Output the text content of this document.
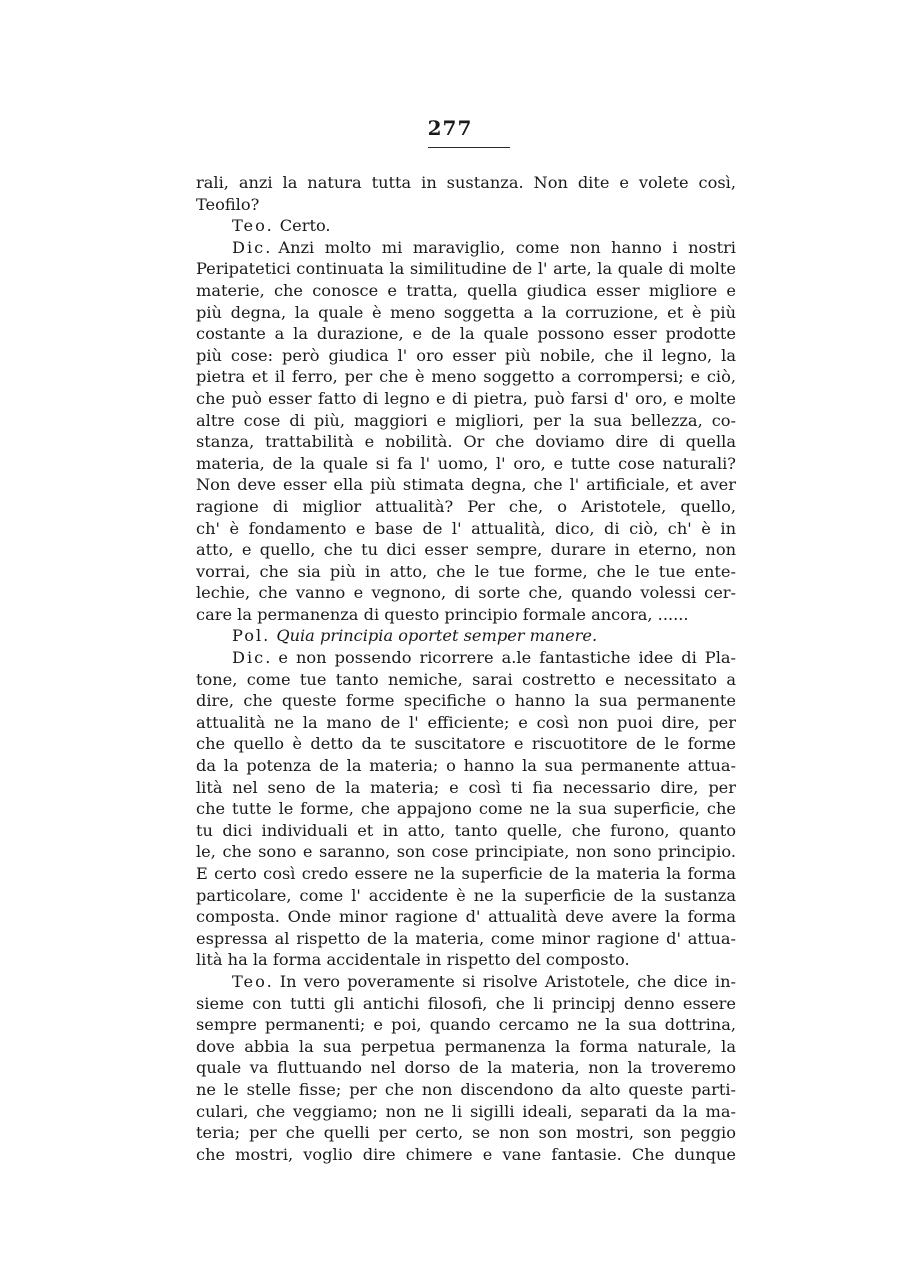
277
rali, anzi la natura tutta in sustanza. Non dite e volete così,
Teofilo?
Teo. Certo.
Dic. Anzi molto mi maraviglio, come non hanno i nostri
Peripatetici continuata la similitudine de l' arte, la quale di molte
materie, che conosce e tratta, quella giudica esser migliore e
più degna, la quale è meno soggetta a la corruzione, et è più
costante a la durazione, e de la quale possono esser prodotte
più cose: però giudica l' oro esser più nobile, che il legno, la
pietra et il ferro, per che è meno soggetto a corrompersi; e ciò,
che può esser fatto di legno e di pietra, può farsi d' oro, e molte
altre cose di più, maggiori e migliori, per la sua bellezza, co-
stanza, trattabilità e nobilità. Or che doviamo dire di quella
materia, de la quale si fa l' uomo, l' oro, e tutte cose naturali?
Non deve esser ella più stimata degna, che l' artificiale, et aver
ragione di miglior attualità? Per che, o Aristotele, quello,
ch' è fondamento e base de l' attualità, dico, di ciò, ch' è in
atto, e quello, che tu dici esser sempre, durare in eterno, non
vorrai, che sia più in atto, che le tue forme, che le tue ente-
lechie, che vanno e vegnono, di sorte che, quando volessi cer-
care la permanenza di questo principio formale ancora, ......
Pol. Quia principia oportet semper manere.
Dic. e non possendo ricorrere a.le fantastiche idee di Pla-
tone, come tue tanto nemiche, sarai costretto e necessitato a
dire, che queste forme specifiche o hanno la sua permanente
attualità ne la mano de l' efficiente; e così non puoi dire, per
che quello è detto da te suscitatore e riscuotitore de le forme
da la potenza de la materia; o hanno la sua permanente attua-
lità nel seno de la materia; e così ti fia necessario dire, per
che tutte le forme, che appajono come ne la sua superficie, che
tu dici individuali et in atto, tanto quelle, che furono, quanto
le, che sono e saranno, son cose principiate, non sono principio.
E certo così credo essere ne la superficie de la materia la forma
particolare, come l' accidente è ne la superficie de la sustanza
composta. Onde minor ragione d' attualità deve avere la forma
espressa al rispetto de la materia, come minor ragione d' attua-
lità ha la forma accidentale in rispetto del composto.
Teo. In vero poveramente si risolve Aristotele, che dice in-
sieme con tutti gli antichi filosofi, che li principj denno essere
sempre permanenti; e poi, quando cercamo ne la sua dottrina,
dove abbia la sua perpetua permanenza la forma naturale, la
quale va fluttuando nel dorso de la materia, non la troveremo
ne le stelle fisse; per che non discendono da alto queste parti-
culari, che veggiamo; non ne li sigilli ideali, separati da la ma-
teria; per che quelli per certo, se non son mostri, son peggio
che mostri, voglio dire chimere e vane fantasie. Che dunque
